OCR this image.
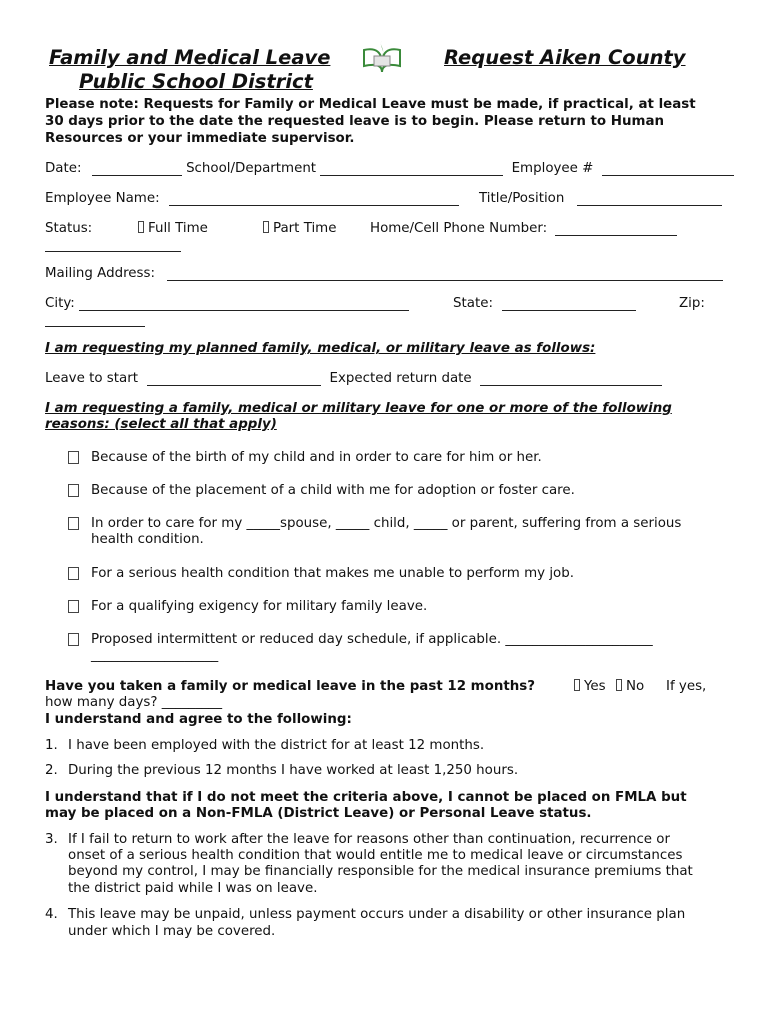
Family and Medical Leave	Request Aiken County
Public School District
Please note: Requests for Family or Medical Leave must be made, if practical, at least
30 days prior to the date the requested leave is to begin. Please return to Human
Resources or your immediate supervisor.
Date:	School/Department	Employee #
Employee Name:	Title/Position
Status:	Full Time	Part Time	Home/Cell Phone Number:
Mailing Address:
City:	State:	Zip:
I am requesting my planned family, medical, or military leave as follows:
Leave to start	Expected return date
I am requesting a family, medical or military leave for one or more of the following
reasons: (select all that apply)
Because of the birth of my child and in order to care for him or her.
Because of the placement of a child with me for adoption or foster care.
In order to care for my _____spouse, _____ child, _____ or parent, suffering from a serious
health condition.
For a serious health condition that makes me unable to perform my job.
For a qualifying exigency for military family leave.
Proposed intermittent or reduced day schedule, if applicable. ______________________
___________________
Have you taken a family or medical leave in the past 12 months?	Yes	No If yes,
how many days? _________
I understand and agree to the following:
1. I have been employed with the district for at least 12 months.
2. During the previous 12 months I have worked at least 1,250 hours.
I understand that if I do not meet the criteria above, I cannot be placed on FMLA but
may be placed on a Non-FMLA (District Leave) or Personal Leave status.
3. If I fail to return to work after the leave for reasons other than continuation, recurrence or
onset of a serious health condition that would entitle me to medical leave or circumstances
beyond my control, I may be financially responsible for the medical insurance premiums that
the district paid while I was on leave.
4. This leave may be unpaid, unless payment occurs under a disability or other insurance plan
under which I may be covered.
